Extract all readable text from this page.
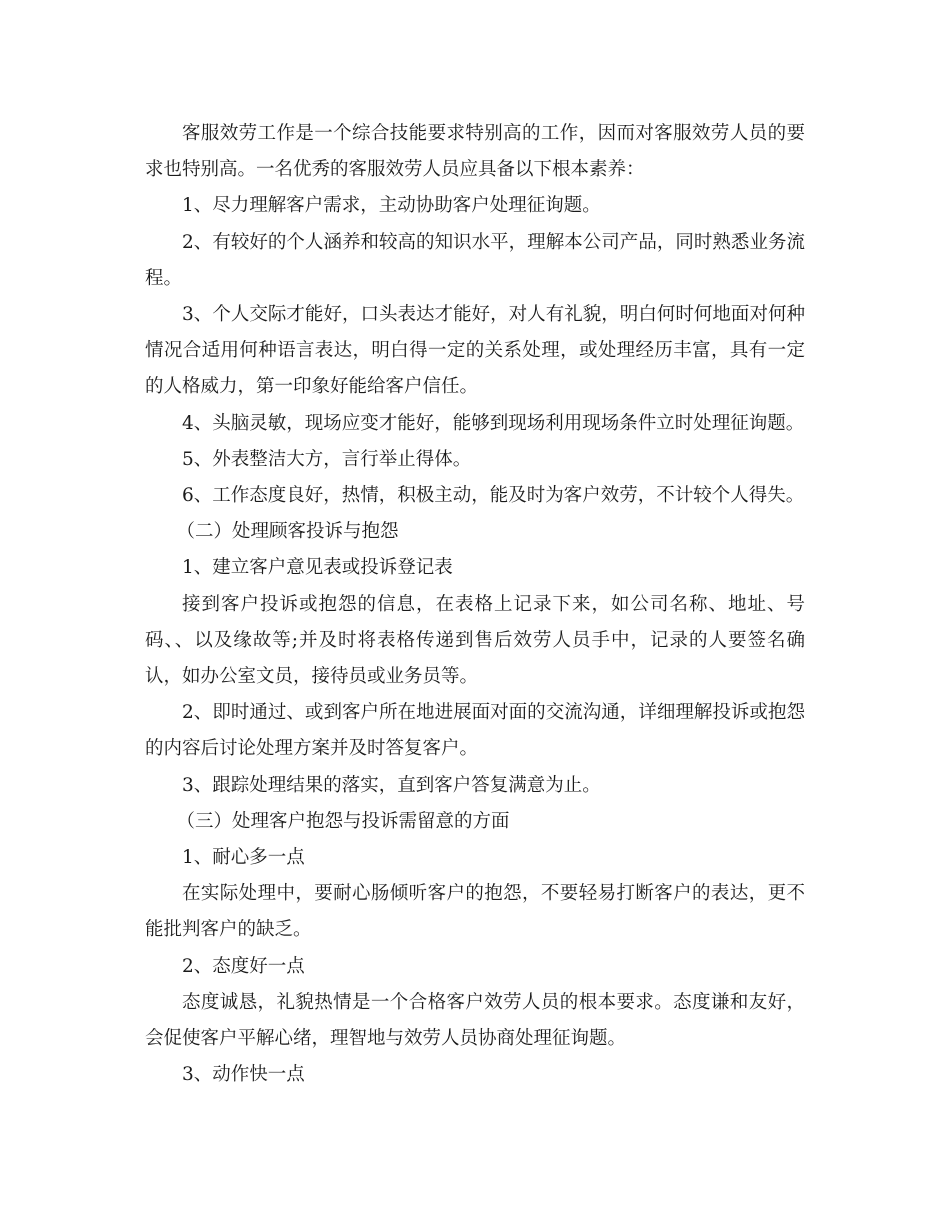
客服效劳工作是一个综合技能要求特别高的工作，因而对客服效劳人员的要求也特别高。一名优秀的客服效劳人员应具备以下根本素养：

1、尽力理解客户需求，主动协助客户处理征询题。

2、有较好的个人涵养和较高的知识水平，理解本公司产品，同时熟悉业务流程。

3、个人交际才能好，口头表达才能好，对人有礼貌，明白何时何地面对何种情况合适用何种语言表达，明白得一定的关系处理，或处理经历丰富，具有一定的人格威力，第一印象好能给客户信任。

4、头脑灵敏，现场应变才能好，能够到现场利用现场条件立时处理征询题。

5、外表整洁大方，言行举止得体。

6、工作态度良好，热情，积极主动，能及时为客户效劳，不计较个人得失。

（二）处理顾客投诉与抱怨

1、建立客户意见表或投诉登记表

接到客户投诉或抱怨的信息，在表格上记录下来，如公司名称、地址、号码、、以及缘故等;并及时将表格传递到售后效劳人员手中，记录的人要签名确认，如办公室文员，接待员或业务员等。

2、即时通过、或到客户所在地进展面对面的交流沟通，详细理解投诉或抱怨的内容后讨论处理方案并及时答复客户。

3、跟踪处理结果的落实，直到客户答复满意为止。

（三）处理客户抱怨与投诉需留意的方面

1、耐心多一点

在实际处理中，要耐心肠倾听客户的抱怨，不要轻易打断客户的表达，更不能批判客户的缺乏。

2、态度好一点

态度诚恳，礼貌热情是一个合格客户效劳人员的根本要求。态度谦和友好，会促使客户平解心绪，理智地与效劳人员协商处理征询题。

3、动作快一点
